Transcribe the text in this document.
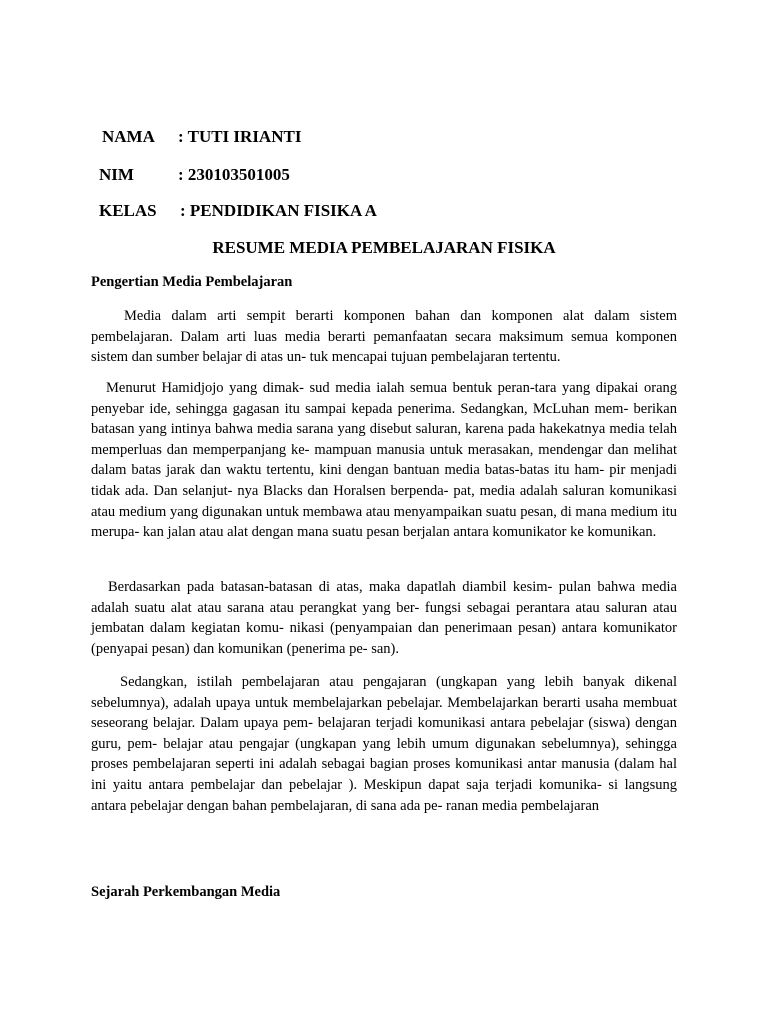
NAMA : TUTI IRIANTI
NIM	: 230103501005
KELAS : PENDIDIKAN FISIKA A
RESUME MEDIA PEMBELAJARAN FISIKA
Pengertian Media Pembelajaran

Media dalam arti sempit berarti komponen bahan dan komponen alat dalam sistem pembelajaran. Dalam arti luas media berarti pemanfaatan secara maksimum semua komponen sistem dan sumber belajar di atas un- tuk mencapai tujuan pembelajaran tertentu.

Menurut Hamidjojo yang dimak- sud media ialah semua bentuk peran-tara yang dipakai orang penyebar ide, sehingga gagasan itu sampai kepada penerima. Sedangkan, McLuhan mem- berikan batasan yang intinya bahwa media sarana yang disebut saluran, karena pada hakekatnya media telah memperluas dan memperpanjang ke- mampuan manusia untuk merasakan, mendengar dan melihat dalam batas jarak dan waktu tertentu, kini dengan bantuan media batas-batas itu ham- pir menjadi tidak ada. Dan selanjut- nya Blacks dan Horalsen berpenda- pat, media adalah saluran komunikasi atau medium yang digunakan untuk membawa atau menyampaikan suatu pesan, di mana medium itu merupa- kan jalan atau alat dengan mana suatu pesan berjalan antara komunikator ke komunikan.

Berdasarkan pada batasan-batasan di atas, maka dapatlah diambil kesim- pulan bahwa media adalah suatu alat atau sarana atau perangkat yang ber- fungsi sebagai perantara atau saluran atau jembatan dalam kegiatan komu- nikasi (penyampaian dan penerimaan pesan) antara komunikator (penyapai pesan) dan komunikan (penerima pe- san).

Sedangkan, istilah pembelajaran atau pengajaran (ungkapan yang lebih banyak dikenal sebelumnya), adalah upaya untuk membelajarkan pebelajar. Membelajarkan berarti usaha membuat seseorang belajar. Dalam upaya pem- belajaran terjadi komunikasi antara pebelajar (siswa) dengan guru, pem- belajar atau pengajar (ungkapan yang lebih umum digunakan sebelumnya), sehingga proses pembelajaran seperti ini adalah sebagai bagian proses komunikasi antar manusia (dalam hal ini yaitu antara pembelajar dan pebelajar ). Meskipun dapat saja terjadi komunika- si langsung antara pebelajar dengan bahan pembelajaran, di sana ada pe- ranan media pembelajaran

Sejarah Perkembangan Media
